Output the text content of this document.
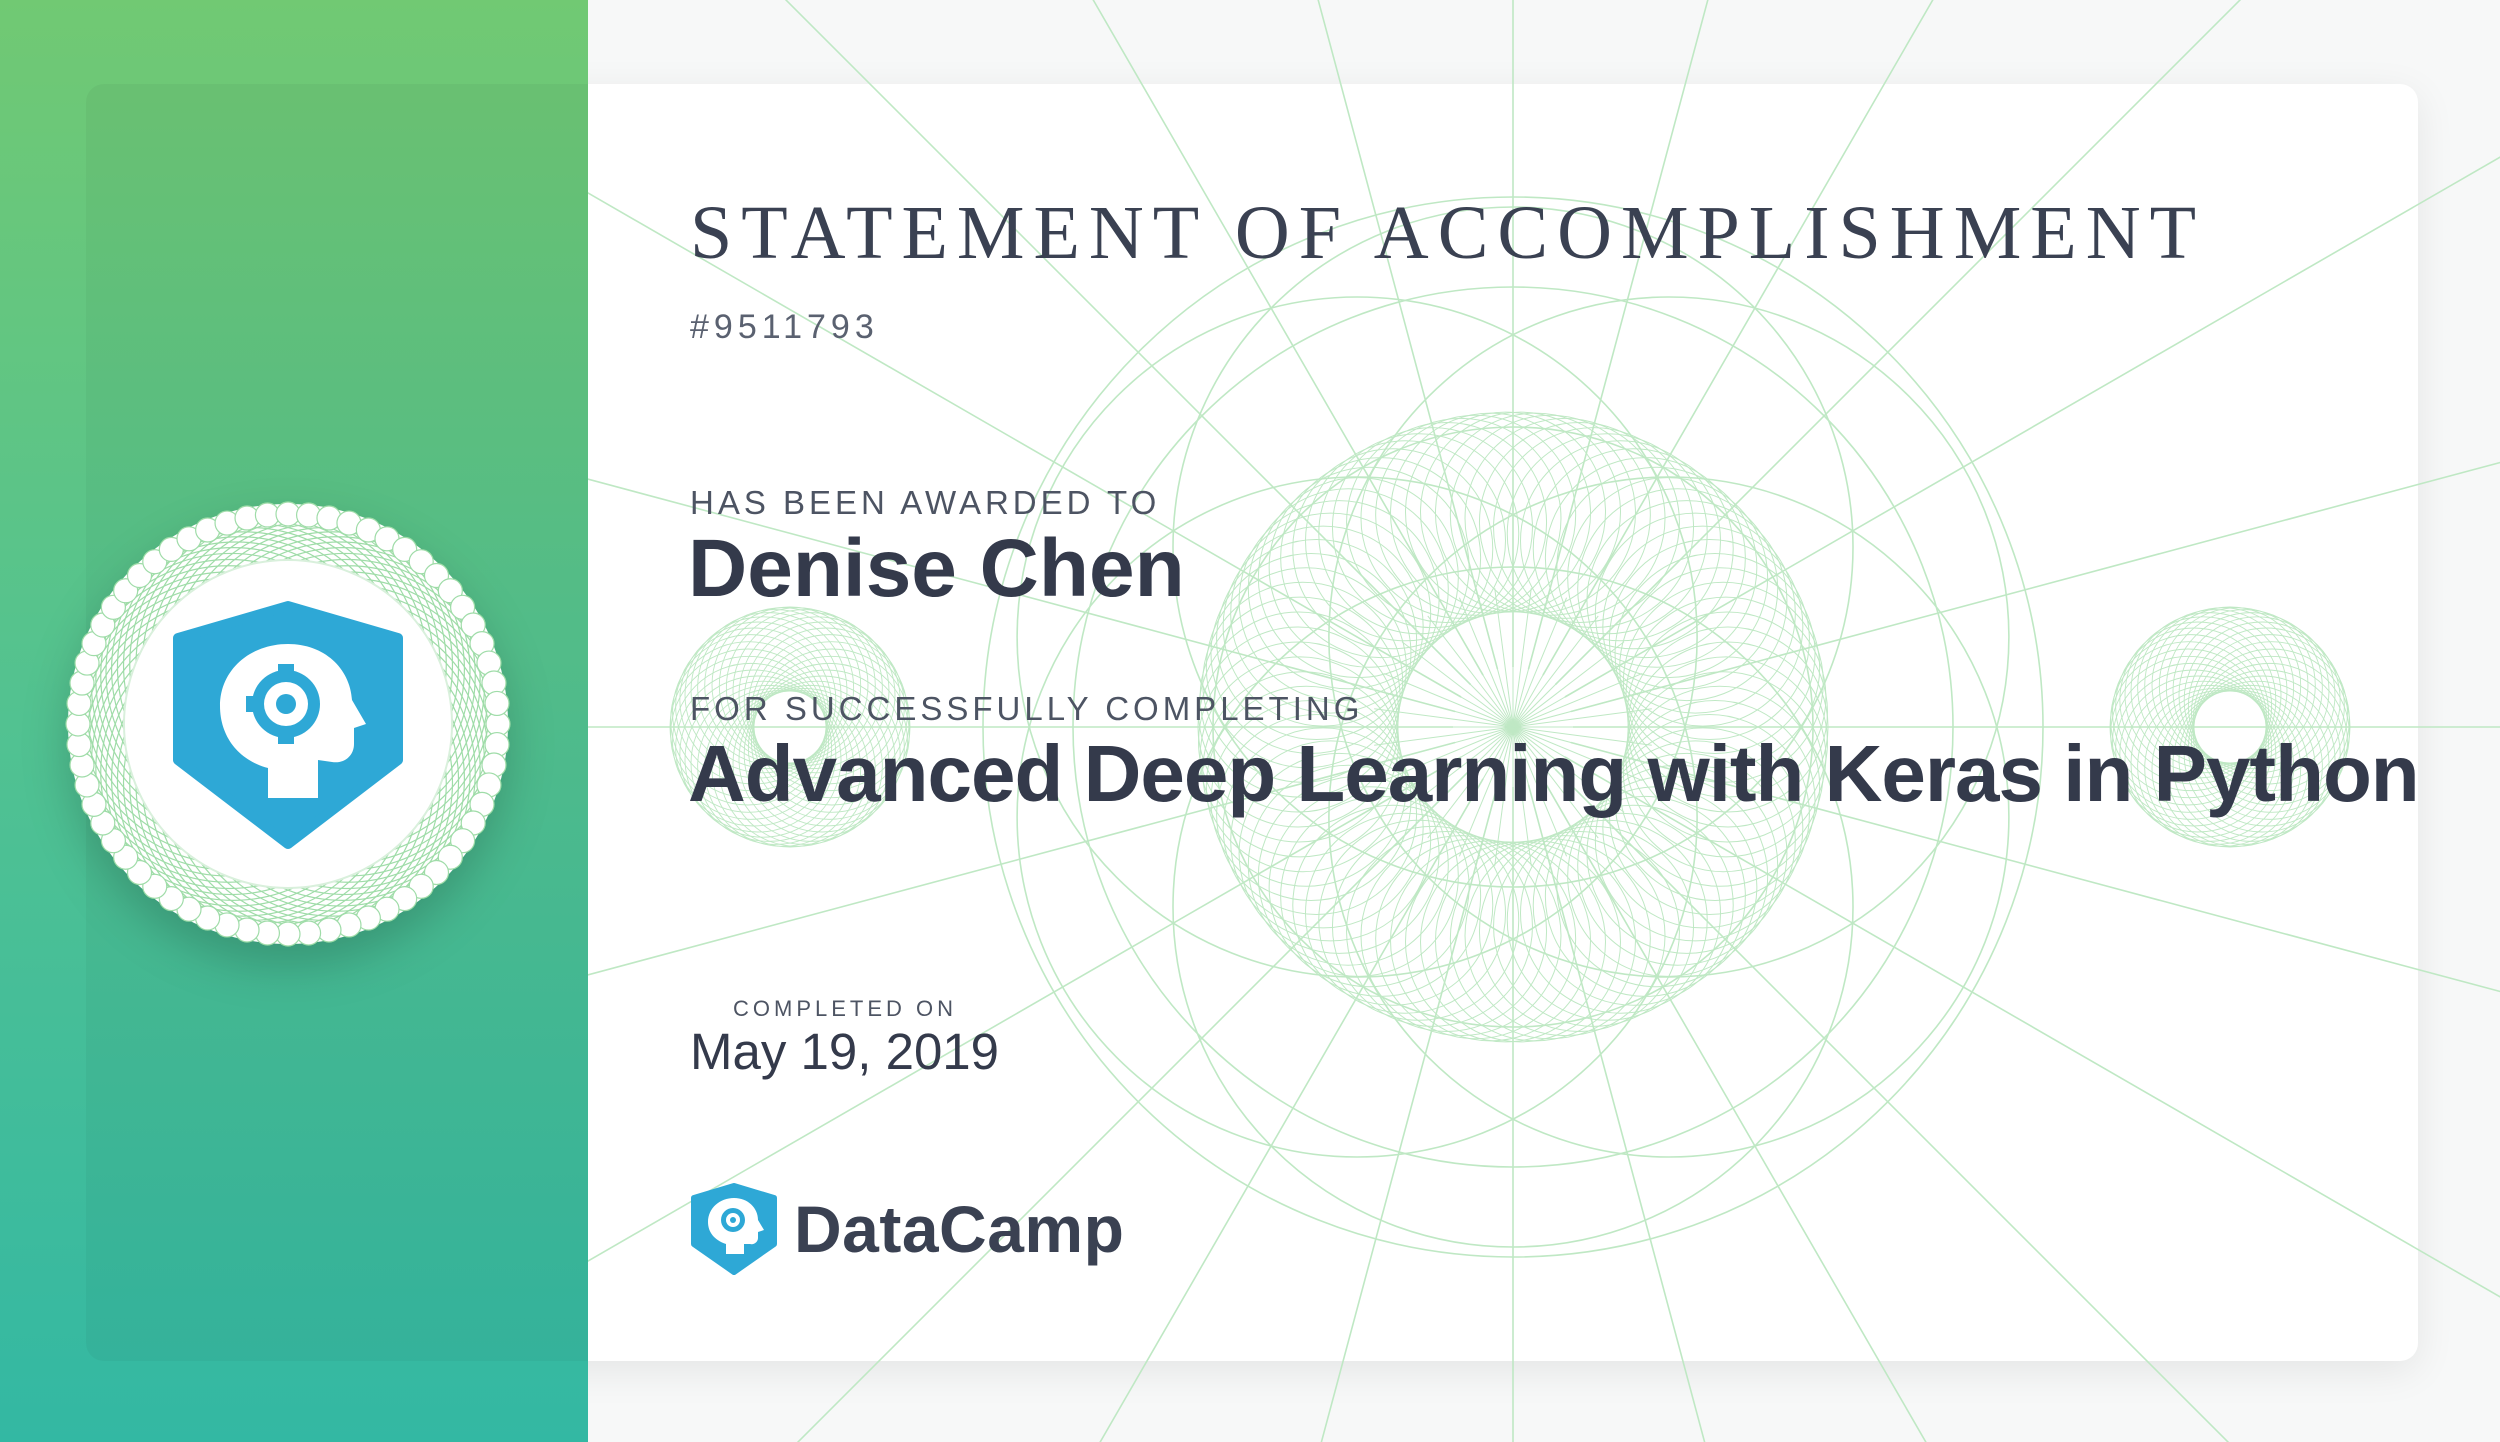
STATEMENT OF ACCOMPLISHMENT
#9511793
HAS BEEN AWARDED TO
Denise Chen
FOR SUCCESSFULLY COMPLETING
Advanced Deep Learning with Keras in Python
COMPLETED ON
May 19, 2019
DataCamp
